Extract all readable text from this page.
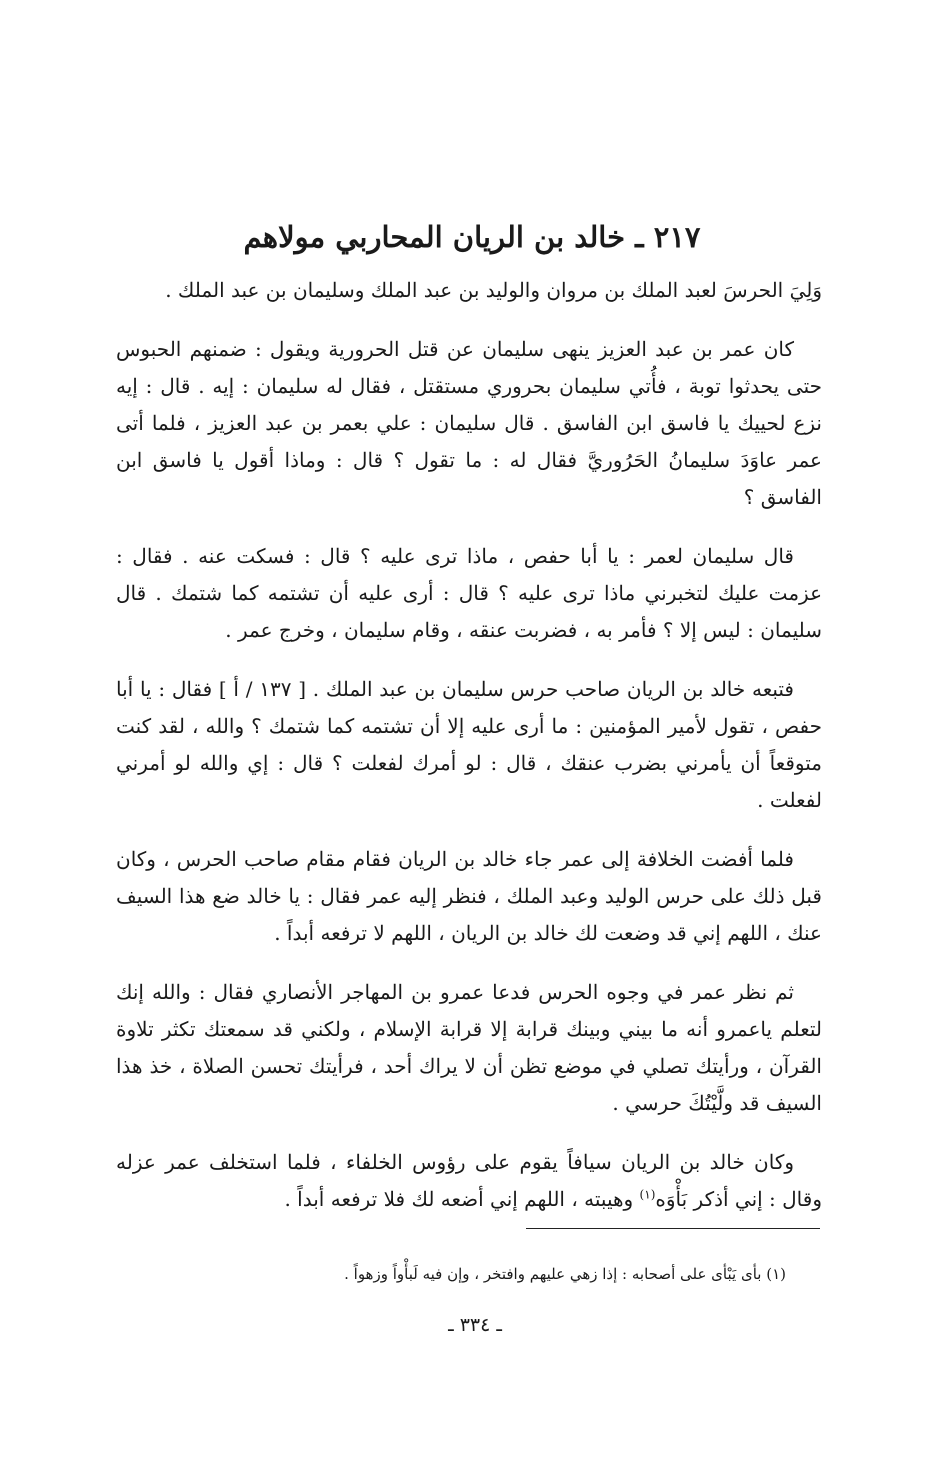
٢١٧ ـ خالد بن الريان المحاربي مولاهم

وَلِيَ الحرسَ لعبد الملك بن مروان والوليد بن عبد الملك وسليمان بن عبد الملك .

كان عمر بن عبد العزيز ينهى سليمان عن قتل الحرورية ويقول : ضمنهم الحبوس حتى يحدثوا توبة ، فأُتي سليمان بحروري مستقتل ، فقال له سليمان : إيه . قال : إيه نزع لحييك يا فاسق ابن الفاسق . قال سليمان : علي بعمر بن عبد العزيز ، فلما أتى عمر عاوَدَ سليمانُ الحَرُوريَّ فقال له : ما تقول ؟ قال : وماذا أقول يا فاسق ابن الفاسق ؟

قال سليمان لعمر : يا أبا حفص ، ماذا ترى عليه ؟ قال : فسكت عنه . فقال : عزمت عليك لتخبرني ماذا ترى عليه ؟ قال : أرى عليه أن تشتمه كما شتمك . قال سليمان : ليس إلا ؟ فأمر به ، فضربت عنقه ، وقام سليمان ، وخرج عمر .

فتبعه خالد بن الريان صاحب حرس سليمان بن عبد الملك . [ ١٣٧ / أ ] فقال : يا أبا حفص ، تقول لأمير المؤمنين : ما أرى عليه إلا أن تشتمه كما شتمك ؟ والله ، لقد كنت متوقعاً أن يأمرني بضرب عنقك ، قال : لو أمرك لفعلت ؟ قال : إي والله لو أمرني لفعلت .

فلما أفضت الخلافة إلى عمر جاء خالد بن الريان فقام مقام صاحب الحرس ، وكان قبل ذلك على حرس الوليد وعبد الملك ، فنظر إليه عمر فقال : يا خالد ضع هذا السيف عنك ، اللهم إني قد وضعت لك خالد بن الريان ، اللهم لا ترفعه أبداً .

ثم نظر عمر في وجوه الحرس فدعا عمرو بن المهاجر الأنصاري فقال : والله إنك لتعلم ياعمرو أنه ما بيني وبينك قرابة إلا قرابة الإسلام ، ولكني قد سمعتك تكثر تلاوة القرآن ، ورأيتك تصلي في موضع تظن أن لا يراك أحد ، فرأيتك تحسن الصلاة ، خذ هذا السيف قد ولَّيْتُكَ حرسي .

وكان خالد بن الريان سيافاً يقوم على رؤوس الخلفاء ، فلما استخلف عمر عزله وقال : إني أذكر بَأْوَه$^{(١)}$ وهيبته ، اللهم إني أضعه لك فلا ترفعه أبداً .

(١) بأى يَبْأى على أصحابه : إذا زهي عليهم وافتخر ، وإن فيه لَبأْواً وزهواً .

ـ ٣٣٤ ـ
